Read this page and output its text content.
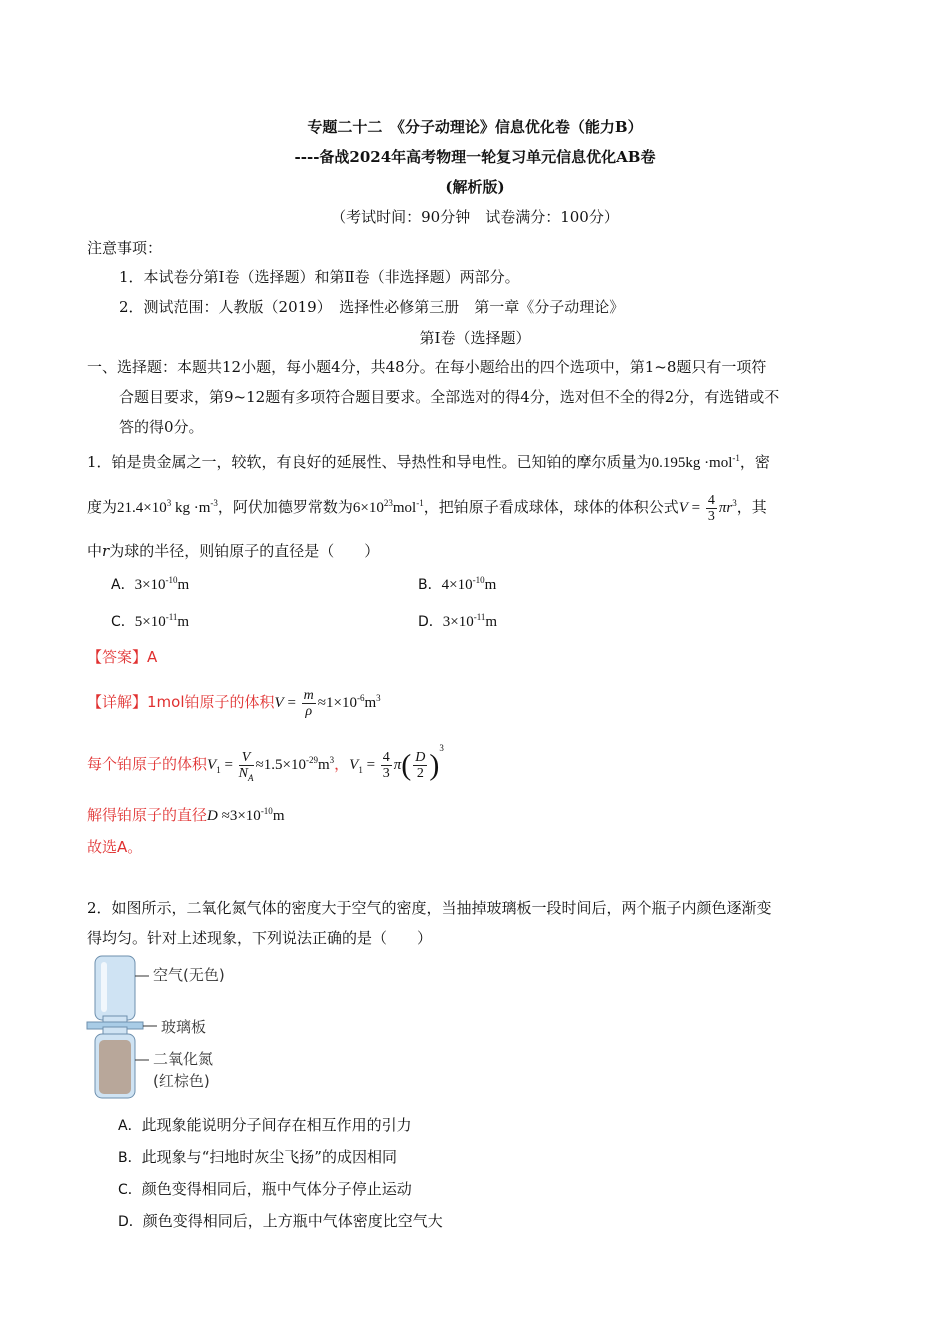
专题二十二　《分子动理论》信息优化卷（能力B）
----备战2024年高考物理一轮复习单元信息优化AB卷
(解析版)
（考试时间：90分钟　试卷满分：100分）
注意事项：
1．本试卷分第Ⅰ卷（选择题）和第Ⅱ卷（非选择题）两部分。
2．测试范围：人教版（2019）　选择性必修第三册　第一章《分子动理论》
第Ⅰ卷（选择题）
一、选择题：本题共12小题，每小题4分，共48分。在每小题给出的四个选项中，第1~8题只有一项符
合题目要求，第9~12题有多项符合题目要求。全部选对的得4分，选对但不全的得2分，有选错或不
答的得0分。
1．铂是贵金属之一，较软，有良好的延展性、导热性和导电性。已知铂的摩尔质量为0.195kg ·mol$^{-1}$，密
度为$21.4\times 10^3$ kg $\cdot m^{-3}$，阿伏加德罗常数为$6\times 10^{23}mol^{-1}$，把铂原子看成球体，球体的体积公式$V = \frac{4}{3} \pi r^3$，其
中r为球的半径，则铂原子的直径是（　　）
A．$3\times 10^{-10}m$	B．$4\times 10^{-10}m$
C．$5\times 10^{-11}m$	D．$3\times 10^{-11}m$
【答案】A
【详解】1mol铂原子的体积$V = \frac{m}{\rho} \approx 1\times 10^{-6}m^3$
每个铂原子的体积$V_1 = \frac{V}{N_A} \approx 1.5\times 10^{-29}m^3$，$V_1 = \frac{4}{3} \pi( \frac{D}{2} )^3$
解得铂原子的直径$D \approx 3\times 10^{-10}m$
故选A。
2．如图所示，二氧化氮气体的密度大于空气的密度，当抽掉玻璃板一段时间后，两个瓶子内颜色逐渐变
得均匀。针对上述现象，下列说法正确的是（　　）
空气(无色)
玻璃板
二氧化氮
(红棕色)
A．此现象能说明分子间存在相互作用的引力
B．此现象与“扫地时灰尘飞扬”的成因相同
C．颜色变得相同后，瓶中气体分子停止运动
D．颜色变得相同后，上方瓶中气体密度比空气大
